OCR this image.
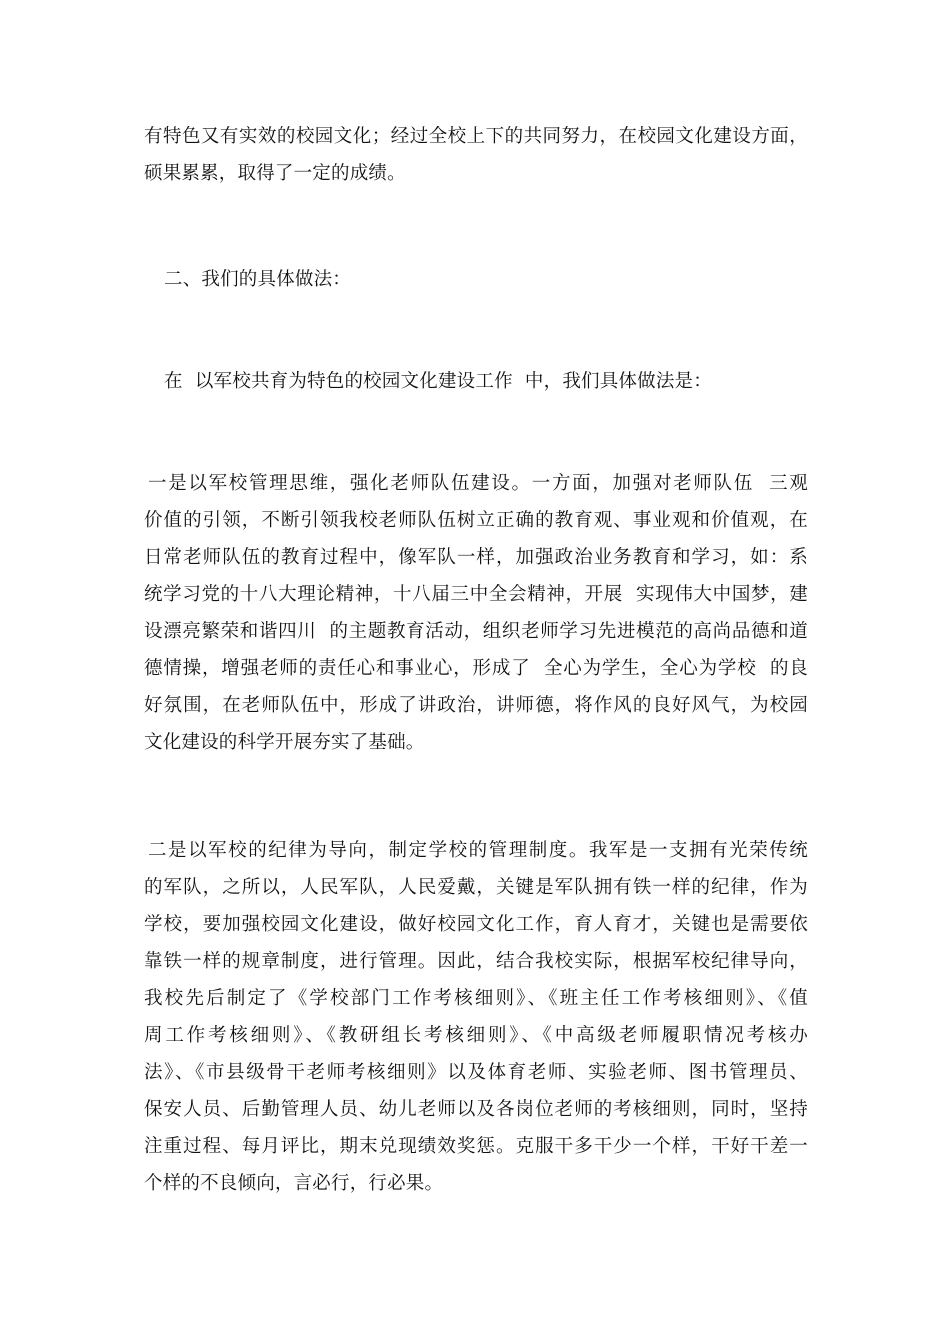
有特色又有实效的校园文化；经过全校上下的共同努力，在校园文化建设方面，
硕果累累，取得了一定的成绩。
二、我们的具体做法：
在  以军校共育为特色的校园文化建设工作  中，我们具体做法是：
一是以军校管理思维，强化老师队伍建设。一方面，加强对老师队伍  三观
价值的引领，不断引领我校老师队伍树立正确的教育观、事业观和价值观，在
日常老师队伍的教育过程中，像军队一样，加强政治业务教育和学习，如：系
统学习党的十八大理论精神，十八届三中全会精神，开展  实现伟大中国梦，建
设漂亮繁荣和谐四川  的主题教育活动，组织老师学习先进模范的高尚品德和道
德情操，增强老师的责任心和事业心，形成了  全心为学生，全心为学校  的良
好氛围，在老师队伍中，形成了讲政治，讲师德，将作风的良好风气，为校园
文化建设的科学开展夯实了基础。
二是以军校的纪律为导向，制定学校的管理制度。我军是一支拥有光荣传统
的军队，之所以，人民军队，人民爱戴，关键是军队拥有铁一样的纪律，作为
学校，要加强校园文化建设，做好校园文化工作，育人育才，关键也是需要依
靠铁一样的规章制度，进行管理。因此，结合我校实际，根据军校纪律导向，
我校先后制定了《学校部门工作考核细则》、《班主任工作考核细则》、《值
周工作考核细则》、《教研组长考核细则》、《中高级老师履职情况考核办
法》、《市县级骨干老师考核细则》以及体育老师、实验老师、图书管理员、
保安人员、后勤管理人员、幼儿老师以及各岗位老师的考核细则，同时，坚持
注重过程、每月评比，期末兑现绩效奖惩。克服干多干少一个样，干好干差一
个样的不良倾向，言必行，行必果。
